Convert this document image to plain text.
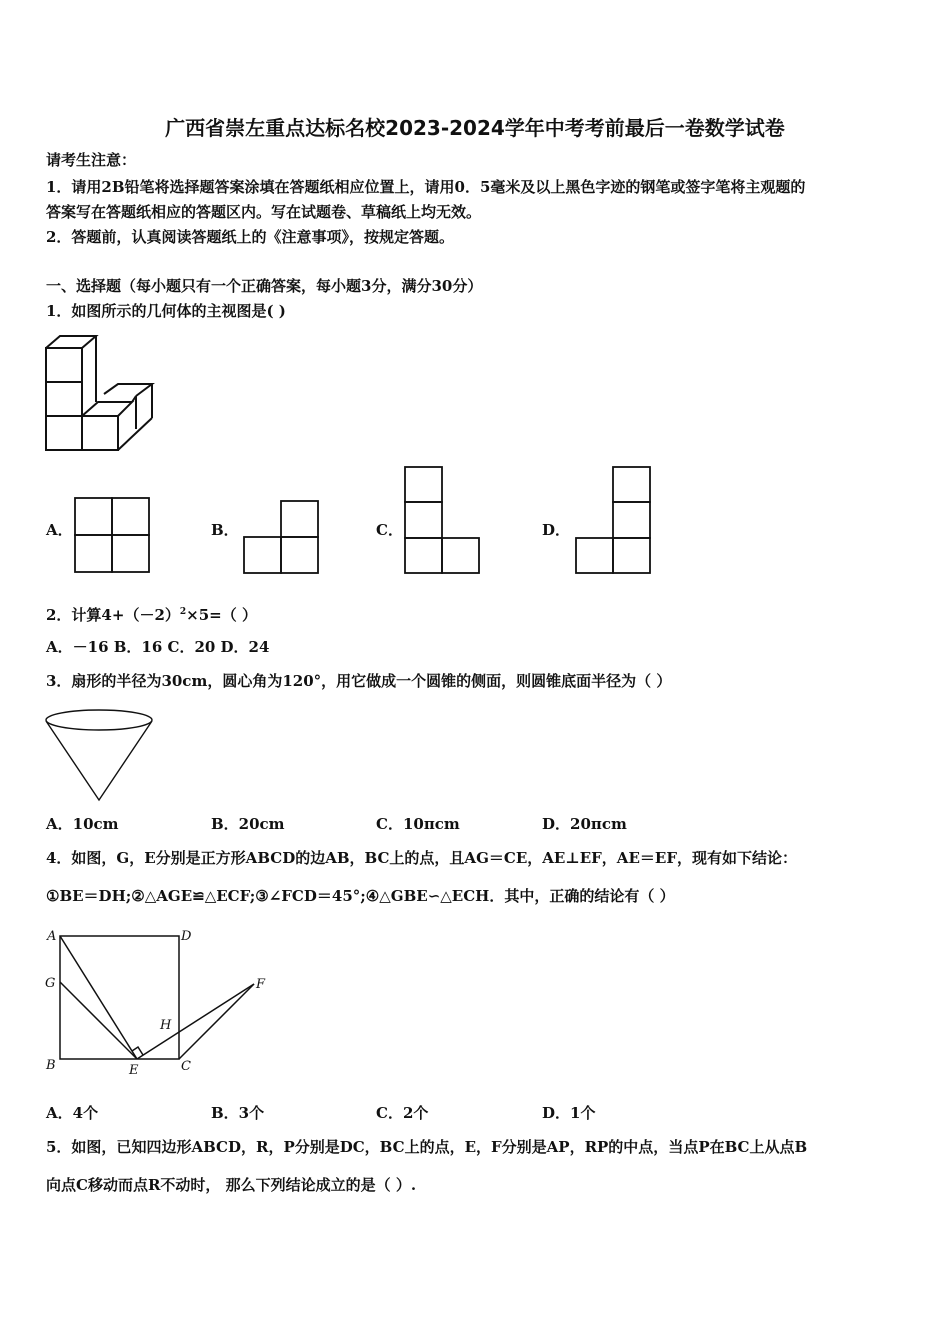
广西省崇左重点达标名校2023-2024学年中考考前最后一卷数学试卷
请考生注意：
1．请用2B铅笔将选择题答案涂填在答题纸相应位置上，请用0．5毫米及以上黑色字迹的钢笔或签字笔将主观题的
答案写在答题纸相应的答题区内。写在试题卷、草稿纸上均无效。
2．答题前，认真阅读答题纸上的《注意事项》，按规定答题。
一、选择题（每小题只有一个正确答案，每小题3分，满分30分）
1．如图所示的几何体的主视图是( )
A．	B．	C．	D．
2．计算$4+(-2)^2\times 5=$（ ）
A．－16 B．16 C．20 D．24
3．扇形的半径为30cm，圆心角为120°，用它做成一个圆锥的侧面，则圆锥底面半径为（ ）
A．10cm	B．20cm	C．10πcm	D．20πcm
4．如图，G，E分别是正方形ABCD的边AB，BC上的点，且AG＝CE，AE⊥EF，AE＝EF，现有如下结论：
①BE＝DH;②△AGE≌△ECF;③∠FCD＝45°;④△GBE∽△ECH．其中，正确的结论有（ ）
A	D
G	F
H
B	E	C
A．4个	B．3个	C．2个	D．1个
5．如图，已知四边形ABCD，R，P分别是DC，BC上的点，E，F分别是AP，RP的中点，当点P在BC上从点B
向点C移动而点R不动时， 那么下列结论成立的是（ ）.
